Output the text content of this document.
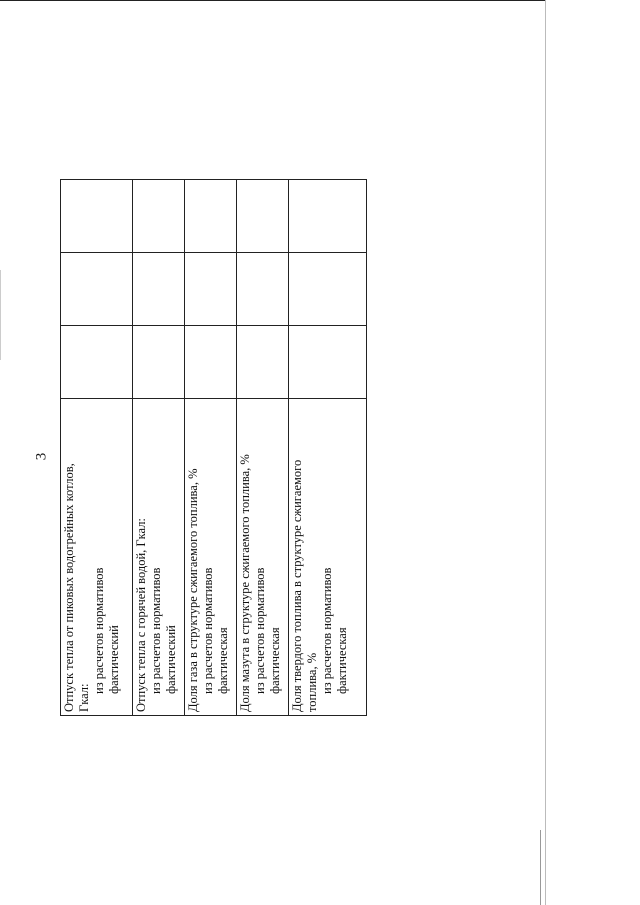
Отпуск тепла от пиковых водогрейных котлов, Гкал:
из расчетов нормативов фактический			

Отпуск тепла с горячей водой, Гкал: из расчетов нормативов фактический			

Доля газа в структуре сжигаемого топлива, % из расчетов нормативов фактическая			

Доля мазута в структуре сжигаемого топлива, % из расчетов нормативов фактическая			

Доля твердого топлива в структуре сжигаемого топлива, % из расчетов нормативов фактическая			

3
